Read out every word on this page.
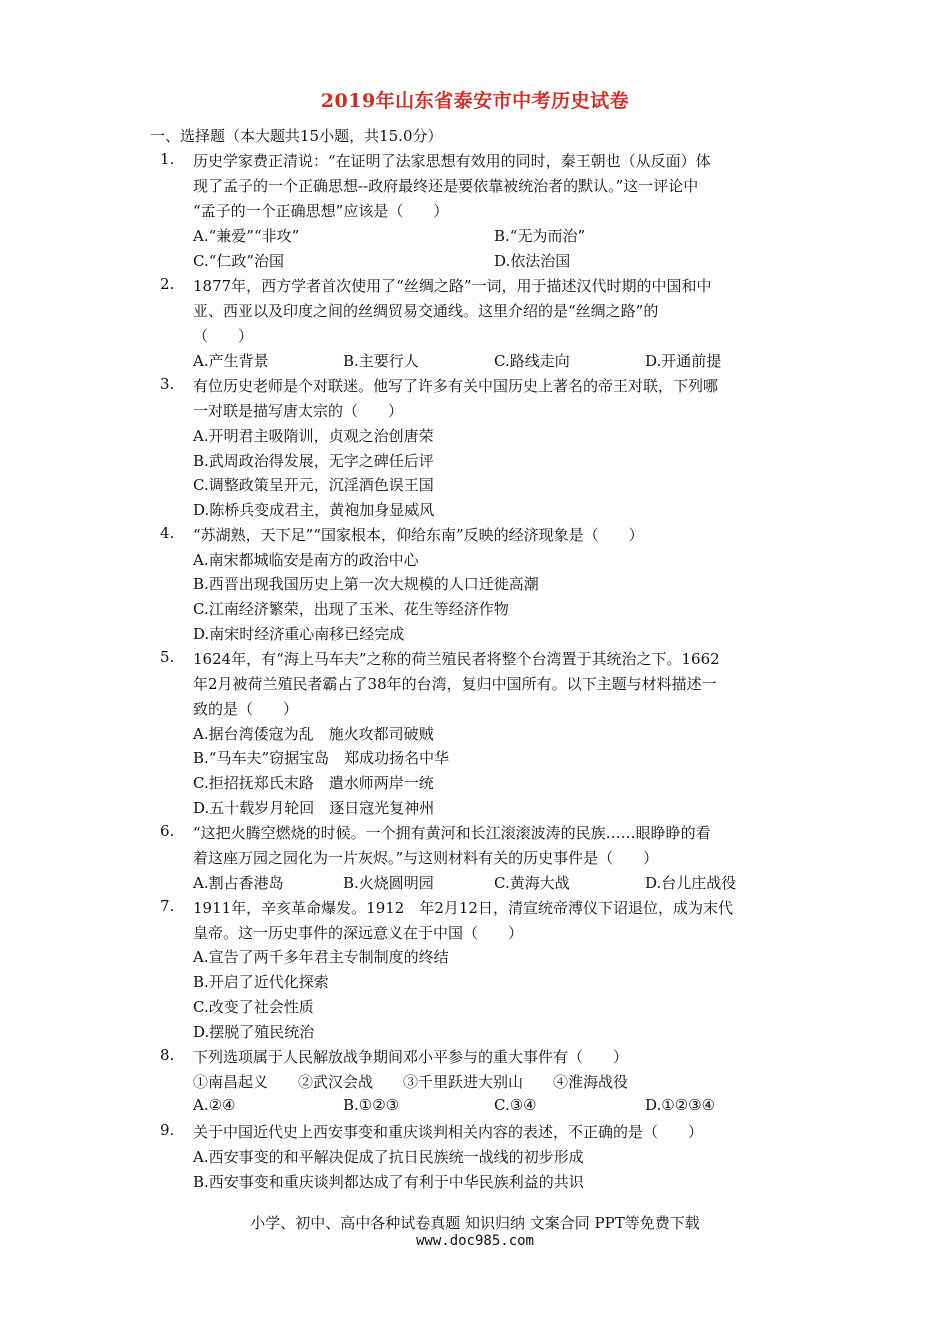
2019年山东省泰安市中考历史试卷
一、选择题（本大题共15小题，共15.0分）
1. 历史学家费正清说：“在证明了法家思想有效用的同时，秦王朝也（从反面）体
现了孟子的一个正确思想--政府最终还是要依靠被统治者的默认。”这一评论中
“孟子的一个正确思想”应该是（　　）
A.“兼爱”“非攻”	B.“无为而治”
C.“仁政”治国	D.依法治国
2. 1877年，西方学者首次使用了“丝绸之路”一词，用于描述汉代时期的中国和中
亚、西亚以及印度之间的丝绸贸易交通线。这里介绍的是“丝绸之路”的
（　　）
A.产生背景	B.主要行人	C.路线走向	D.开通前提
3. 有位历史老师是个对联迷。他写了许多有关中国历史上著名的帝王对联，下列哪
一对联是描写唐太宗的（　　）
A.开明君主吸隋训，贞观之治创唐荣
B.武周政治得发展，无字之碑任后评
C.调整政策呈开元，沉淫酒色误王国
D.陈桥兵变成君主，黄袍加身显威风
4. “苏湖熟，天下足”“国家根本，仰给东南”反映的经济现象是（　　）
A.南宋都城临安是南方的政治中心
B.西晋出现我国历史上第一次大规模的人口迁徙高潮
C.江南经济繁荣，出现了玉米、花生等经济作物
D.南宋时经济重心南移已经完成
5. 1624年，有“海上马车夫”之称的荷兰殖民者将整个台湾置于其统治之下。1662
年2月被荷兰殖民者霸占了38年的台湾，复归中国所有。以下主题与材料描述一
致的是（　　）
A.据台湾倭寇为乱　施火攻都司破贼
B.“马车夫”窃据宝岛　郑成功扬名中华
C.拒招抚郑氏末路　遣水师两岸一统
D.五十载岁月轮回　逐日寇光复神州
6. “这把火腾空燃烧的时候。一个拥有黄河和长江滚滚波涛的民族……眼睁睁的看
着这座万园之园化为一片灰烬。”与这则材料有关的历史事件是（　　）
A.割占香港岛	B.火烧圆明园	C.黄海大战	D.台儿庄战役
7. 1911年，辛亥革命爆发。1912　年2月12日，清宣统帝溥仪下诏退位，成为末代
皇帝。这一历史事件的深远意义在于中国（　　）
A.宣告了两千多年君主专制制度的终结
B.开启了近代化探索
C.改变了社会性质
D.摆脱了殖民统治
8. 下列选项属于人民解放战争期间邓小平参与的重大事件有（　　）
①南昌起义　　②武汉会战　　③千里跃进大别山　　④淮海战役
A.②④	B.①②③	C.③④	D.①②③④
9. 关于中国近代史上西安事变和重庆谈判相关内容的表述，不正确的是（　　）
A.西安事变的和平解决促成了抗日民族统一战线的初步形成
B.西安事变和重庆谈判都达成了有利于中华民族利益的共识
小学、初中、高中各种试卷真题 知识归纳 文案合同 PPT等免费下载
www.doc985.com
